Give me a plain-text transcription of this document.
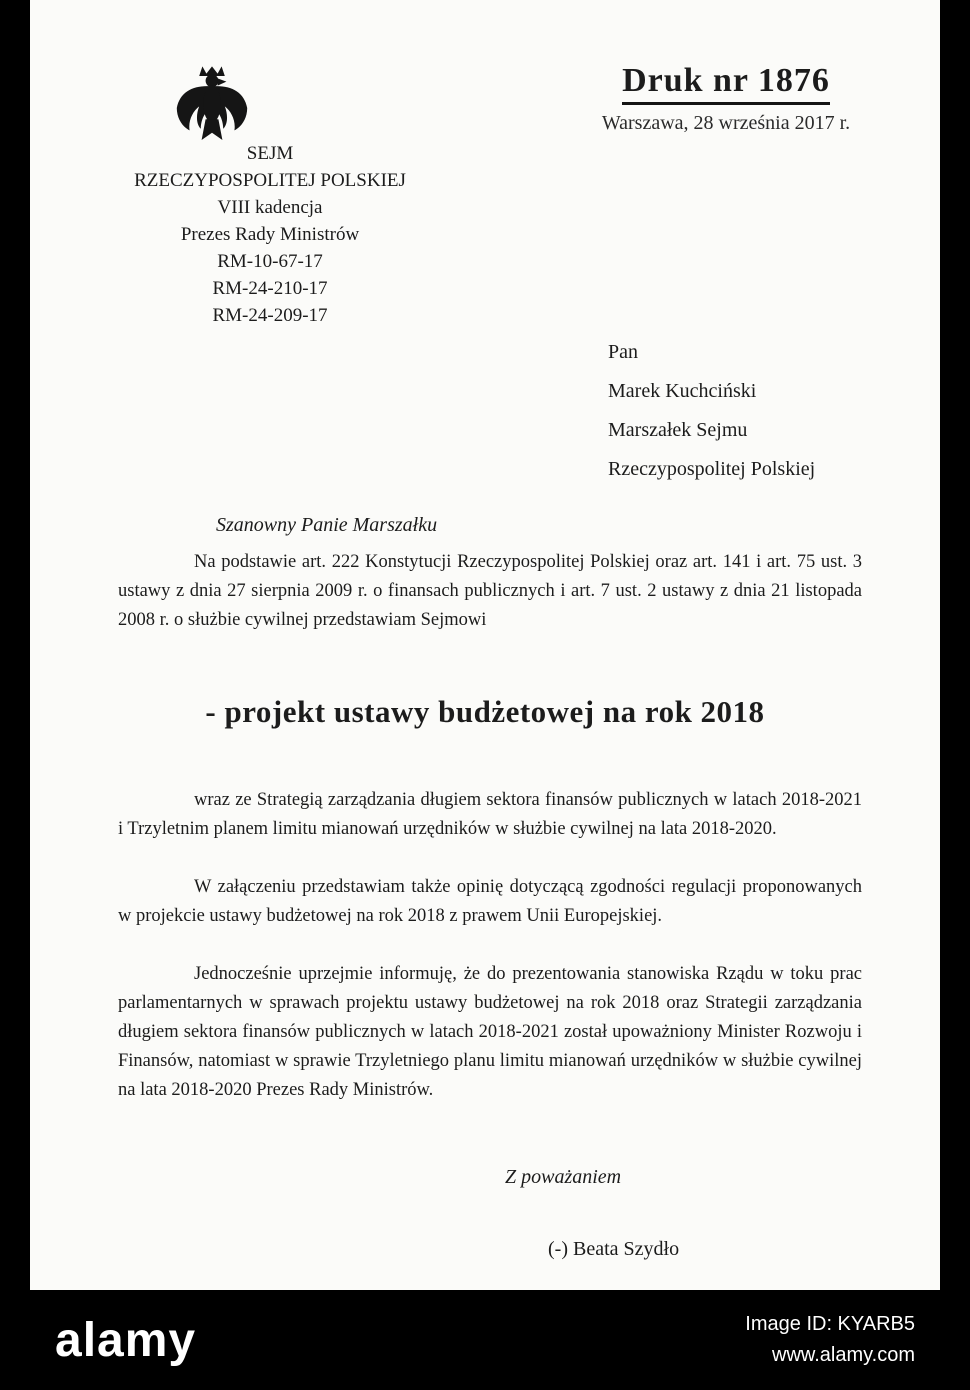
Druk nr 1876
Warszawa, 28 września 2017 r.
SEJM
RZECZYPOSPOLITEJ POLSKIEJ
VIII kadencja
Prezes Rady Ministrów
RM-10-67-17
RM-24-210-17
RM-24-209-17
Pan
Marek Kuchciński
Marszałek Sejmu
Rzeczypospolitej Polskiej
Szanowny Panie Marszałku
Na podstawie art. 222 Konstytucji Rzeczypospolitej Polskiej oraz art. 141 i art. 75 ust. 3 ustawy z dnia 27 sierpnia 2009 r. o finansach publicznych i art. 7 ust. 2 ustawy z dnia 21 listopada 2008 r. o służbie cywilnej przedstawiam Sejmowi
- projekt ustawy budżetowej na rok 2018
wraz ze Strategią zarządzania długiem sektora finansów publicznych w latach 2018-2021 i Trzyletnim planem limitu mianowań urzędników w służbie cywilnej na lata 2018-2020.
W załączeniu przedstawiam także opinię dotyczącą zgodności regulacji proponowanych w projekcie ustawy budżetowej na rok 2018 z prawem Unii Europejskiej.
Jednocześnie uprzejmie informuję, że do prezentowania stanowiska Rządu w toku prac parlamentarnych w sprawach projektu ustawy budżetowej na rok 2018 oraz Strategii zarządzania długiem sektora finansów publicznych w latach 2018-2021 został upoważniony Minister Rozwoju i Finansów, natomiast w sprawie Trzyletniego planu limitu mianowań urzędników w służbie cywilnej na lata 2018-2020 Prezes Rady Ministrów.
Z poważaniem
(-) Beata Szydło
alamy	Image ID: KYARB5
www.alamy.com
